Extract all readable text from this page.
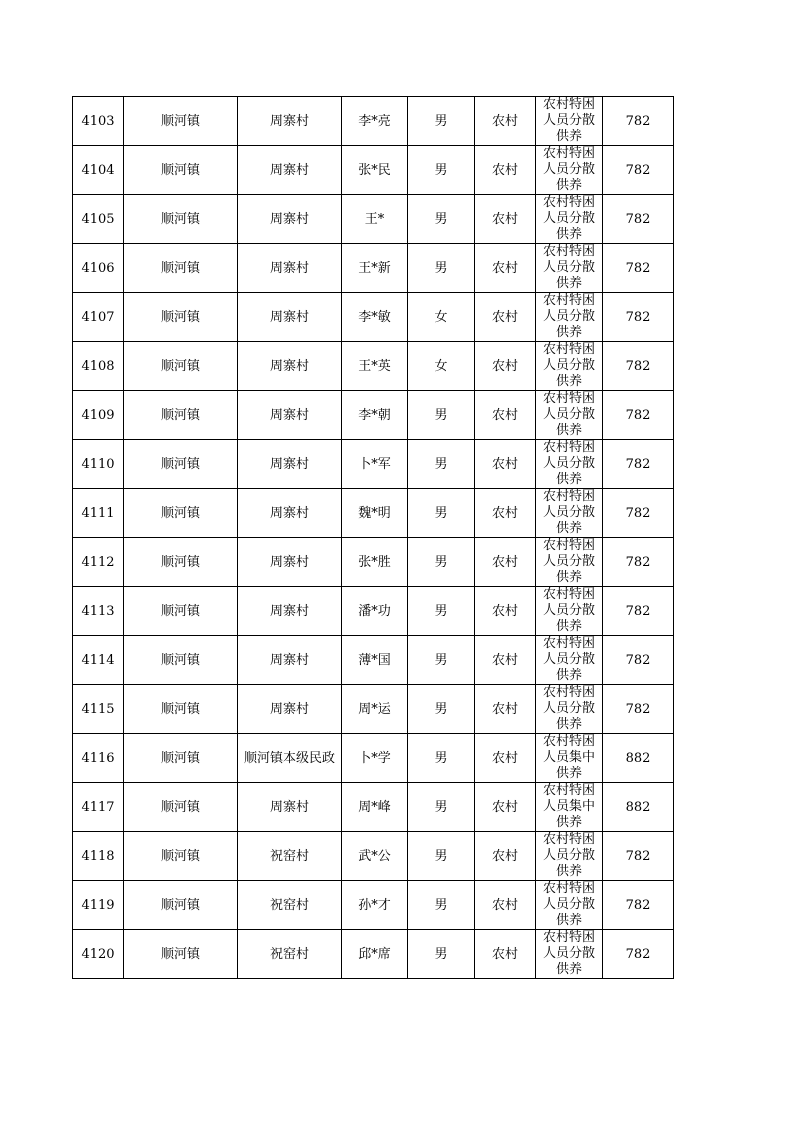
4103	顺河镇	周寨村	李*亮	男	农村	农村特困人员分散供养	782
4104	顺河镇	周寨村	张*民	男	农村	农村特困人员分散供养	782
4105	顺河镇	周寨村	王*	男	农村	农村特困人员分散供养	782
4106	顺河镇	周寨村	王*新	男	农村	农村特困人员分散供养	782
4107	顺河镇	周寨村	李*敏	女	农村	农村特困人员分散供养	782
4108	顺河镇	周寨村	王*英	女	农村	农村特困人员分散供养	782
4109	顺河镇	周寨村	李*朝	男	农村	农村特困人员分散供养	782
4110	顺河镇	周寨村	卜*军	男	农村	农村特困人员分散供养	782
4111	顺河镇	周寨村	魏*明	男	农村	农村特困人员分散供养	782
4112	顺河镇	周寨村	张*胜	男	农村	农村特困人员分散供养	782
4113	顺河镇	周寨村	潘*功	男	农村	农村特困人员分散供养	782
4114	顺河镇	周寨村	薄*国	男	农村	农村特困人员分散供养	782
4115	顺河镇	周寨村	周*运	男	农村	农村特困人员分散供养	782
4116	顺河镇	顺河镇本级民政	卜*学	男	农村	农村特困人员集中供养	882
4117	顺河镇	周寨村	周*峰	男	农村	农村特困人员集中供养	882
4118	顺河镇	祝窑村	武*公	男	农村	农村特困人员分散供养	782
4119	顺河镇	祝窑村	孙*才	男	农村	农村特困人员分散供养	782
4120	顺河镇	祝窑村	邱*席	男	农村	农村特困人员分散供养	782
